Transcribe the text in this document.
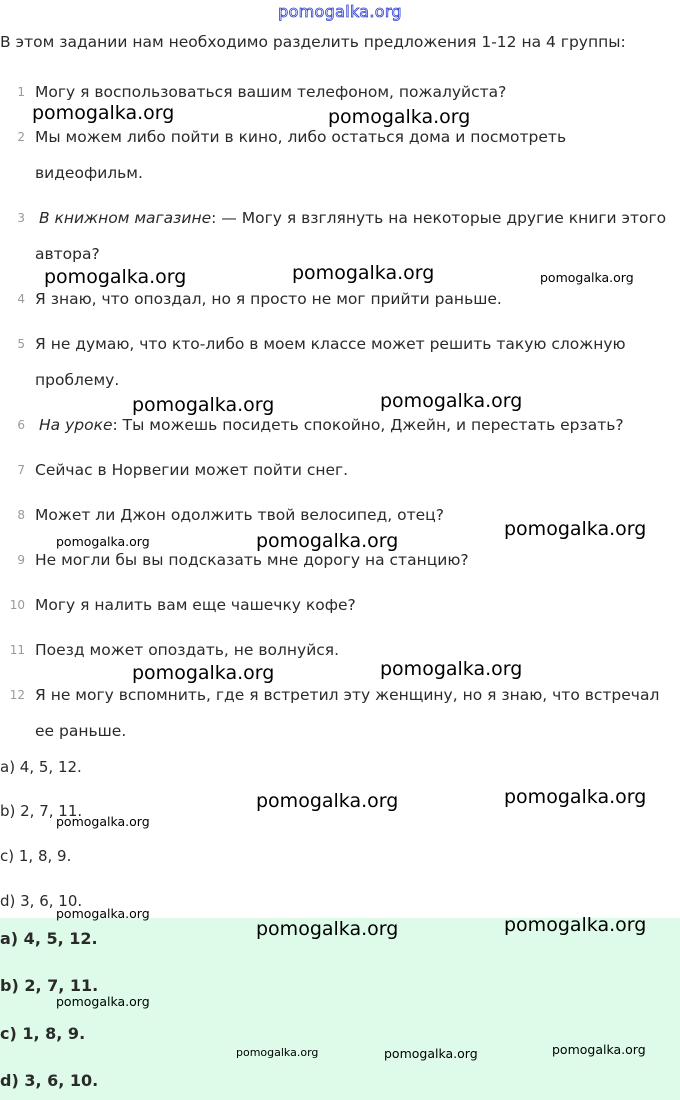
pomogalka.org
В этом задании нам необходимо разделить предложения 1-12 на 4 группы:
1 Могу я воспользоваться вашим телефоном, пожалуйста?
2 Мы можем либо пойти в кино, либо остаться дома и посмотреть видеофильм.
3 В книжном магазине: — Могу я взглянуть на некоторые другие книги этого автора?
4 Я знаю, что опоздал, но я просто не мог прийти раньше.
5 Я не думаю, что кто-либо в моем классе может решить такую сложную проблему.
6 На уроке: Ты можешь посидеть спокойно, Джейн, и перестать ерзать?
7 Сейчас в Норвегии может пойти снег.
8 Может ли Джон одолжить твой велосипед, отец?
9 Не могли бы вы подсказать мне дорогу на станцию?
10 Могу я налить вам еще чашечку кофе?
11 Поезд может опоздать, не волнуйся.
12 Я не могу вспомнить, где я встретил эту женщину, но я знаю, что встречал ее раньше.
a) 4, 5, 12.
b) 2, 7, 11.
c) 1, 8, 9.
d) 3, 6, 10.
a) 4, 5, 12.
b) 2, 7, 11.
c) 1, 8, 9.
d) 3, 6, 10.
pomogalka.org	pomogalka.org
pomogalka.org	pomogalka.org	pomogalka.org
pomogalka.org	pomogalka.org
pomogalka.org
pomogalka.org	pomogalka.org
pomogalka.org	pomogalka.org
pomogalka.org	pomogalka.org
pomogalka.org
pomogalka.org
pomogalka.org	pomogalka.org
pomogalka.org
pomogalka.org	pomogalka.org	pomogalka.org
